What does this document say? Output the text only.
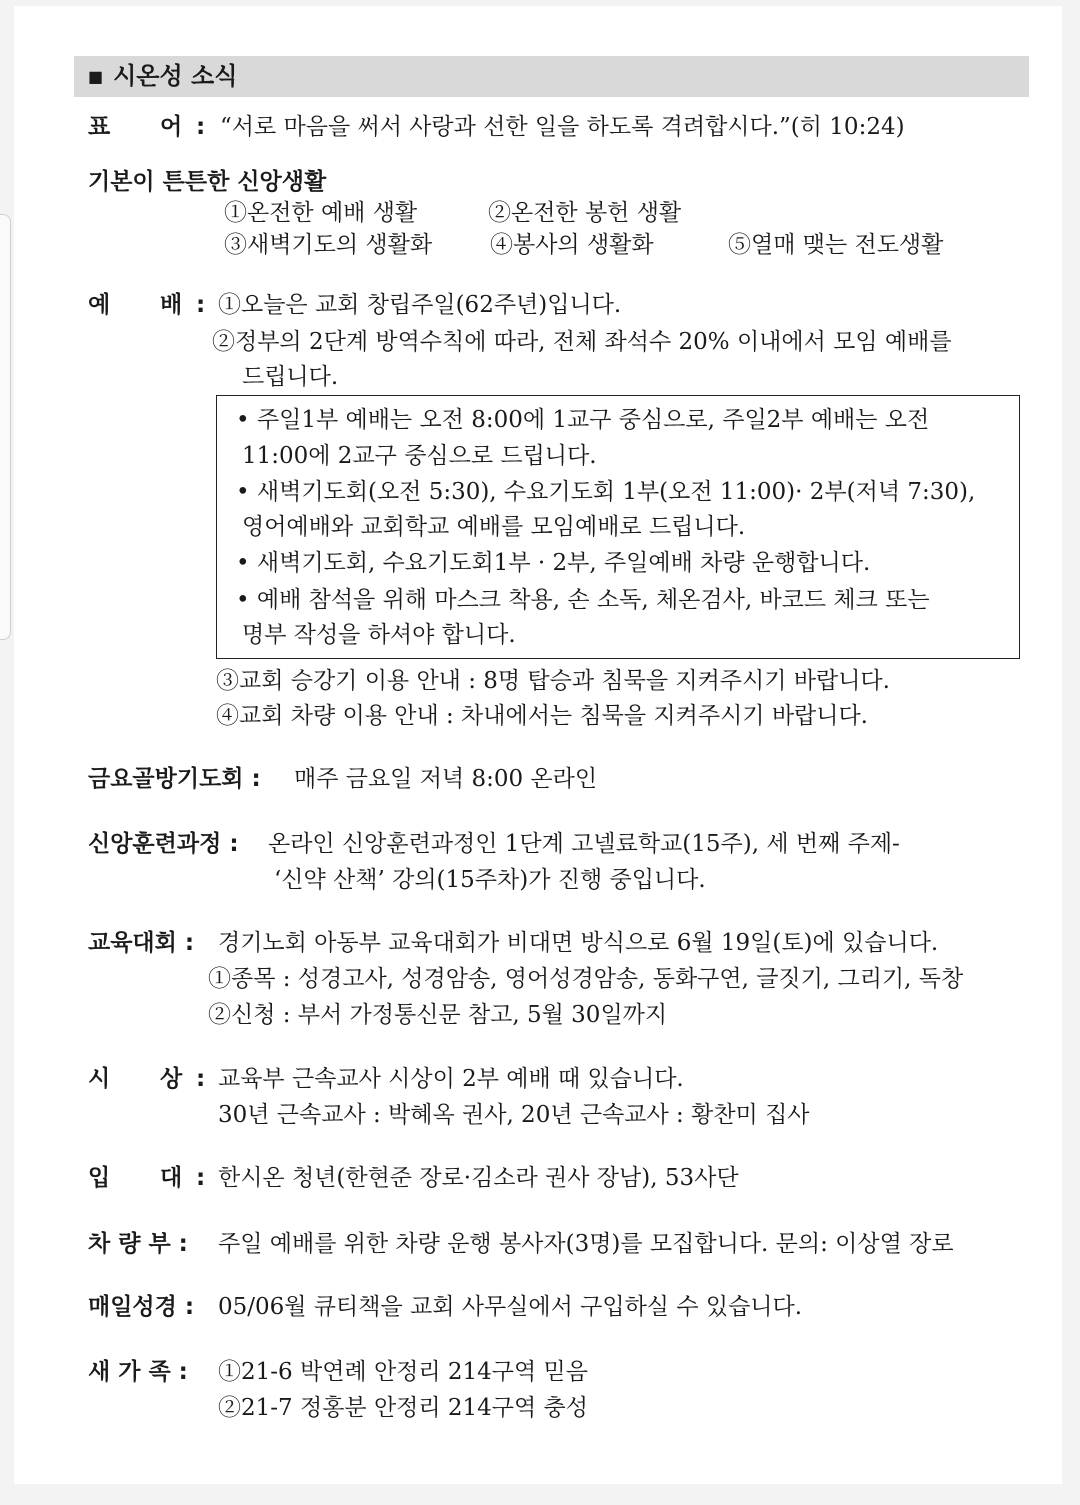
■ 시온성 소식
표 어 : “서로 마음을 써서 사랑과 선한 일을 하도록 격려합시다.”(히 10:24)
기본이 튼튼한 신앙생활
①온전한 예배 생활	②온전한 봉헌 생활
③새벽기도의 생활화	④봉사의 생활화	⑤열매 맺는 전도생활
예 배 : ①오늘은 교회 창립주일(62주년)입니다.
②정부의 2단계 방역수칙에 따라, 전체 좌석수 20% 이내에서 모임 예배를
드립니다.
• 주일1부 예배는 오전 8:00에 1교구 중심으로, 주일2부 예배는 오전
11:00에 2교구 중심으로 드립니다.
• 새벽기도회(오전 5:30), 수요기도회 1부(오전 11:00)· 2부(저녁 7:30),
영어예배와 교회학교 예배를 모임예배로 드립니다.
• 새벽기도회, 수요기도회1부 · 2부, 주일예배 차량 운행합니다.
• 예배 참석을 위해 마스크 착용, 손 소독, 체온검사, 바코드 체크 또는
명부 작성을 하셔야 합니다.
③교회 승강기 이용 안내 : 8명 탑승과 침묵을 지켜주시기 바랍니다.
④교회 차량 이용 안내 : 차내에서는 침묵을 지켜주시기 바랍니다.
금요골방기도회 : 매주 금요일 저녁 8:00 온라인
신앙훈련과정 : 온라인 신앙훈련과정인 1단계 고넬료학교(15주), 세 번째 주제-
‘신약 산책’ 강의(15주차)가 진행 중입니다.
교육대회 : 경기노회 아동부 교육대회가 비대면 방식으로 6월 19일(토)에 있습니다.
①종목 : 성경고사, 성경암송, 영어성경암송, 동화구연, 글짓기, 그리기, 독창
②신청 : 부서 가정통신문 참고, 5월 30일까지
시 상 : 교육부 근속교사 시상이 2부 예배 때 있습니다.
30년 근속교사 : 박혜옥 권사, 20년 근속교사 : 황찬미 집사
입 대 : 한시온 청년(한현준 장로·김소라 권사 장남), 53사단
차 량 부 : 주일 예배를 위한 차량 운행 봉사자(3명)를 모집합니다. 문의: 이상열 장로
매일성경 : 05/06월 큐티책을 교회 사무실에서 구입하실 수 있습니다.
새 가 족 : ①21-6 박연례 안정리 214구역 믿음
②21-7 정홍분 안정리 214구역 충성
